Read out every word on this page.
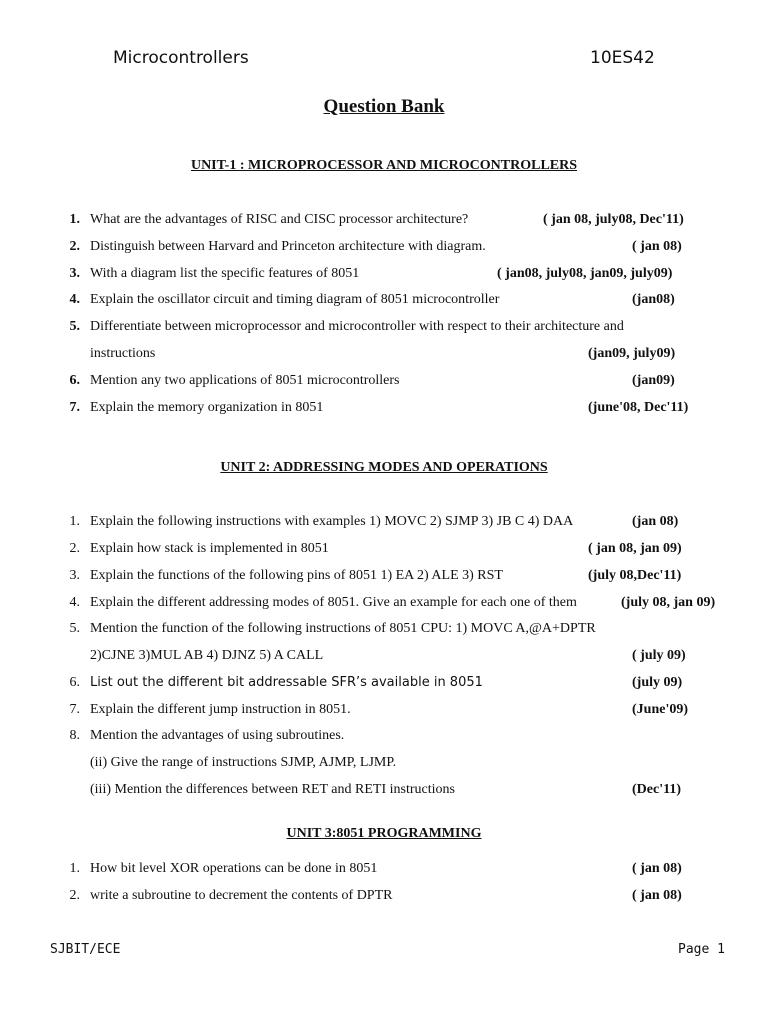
Microcontrollers	10ES42
Question Bank
UNIT-1 : MICROPROCESSOR AND MICROCONTROLLERS
1. What are the advantages of RISC and CISC processor architecture?	( jan 08, july08, Dec'11)
2. Distinguish between Harvard and Princeton architecture with diagram.	( jan 08)
3. With a diagram list the specific features of 8051	( jan08, july08, jan09, july09)
4. Explain the oscillator circuit and timing diagram of 8051 microcontroller	(jan08)
5. Differentiate between microprocessor and microcontroller with respect to their architecture and
instructions	(jan09, july09)
6. Mention any two applications of 8051 microcontrollers	(jan09)
7. Explain the memory organization in 8051	(june'08, Dec'11)
UNIT 2: ADDRESSING MODES AND OPERATIONS
1. Explain the following instructions with examples 1) MOVC 2) SJMP 3) JB C 4) DAA	(jan 08)
2. Explain how stack is implemented in 8051	( jan 08, jan 09)
3. Explain the functions of the following pins of 8051 1) EA 2) ALE 3) RST	(july 08,Dec'11)
4. Explain the different addressing modes of 8051. Give an example for each one of them	(july 08, jan 09)
5. Mention the function of the following instructions of 8051 CPU: 1) MOVC A,@A+DPTR
2)CJNE 3)MUL AB 4) DJNZ 5) A CALL	( july 09)
6. List out the different bit addressable SFR’s available in 8051	(july 09)
7. Explain the different jump instruction in 8051.	(June'09)
8. Mention the advantages of using subroutines.
(ii) Give the range of instructions SJMP, AJMP, LJMP.
(iii) Mention the differences between RET and RETI instructions	(Dec'11)
UNIT 3:8051 PROGRAMMING
1. How bit level XOR operations can be done in 8051	( jan 08)
2. write a subroutine to decrement the contents of DPTR	( jan 08)
SJBIT/ECE	Page 1
